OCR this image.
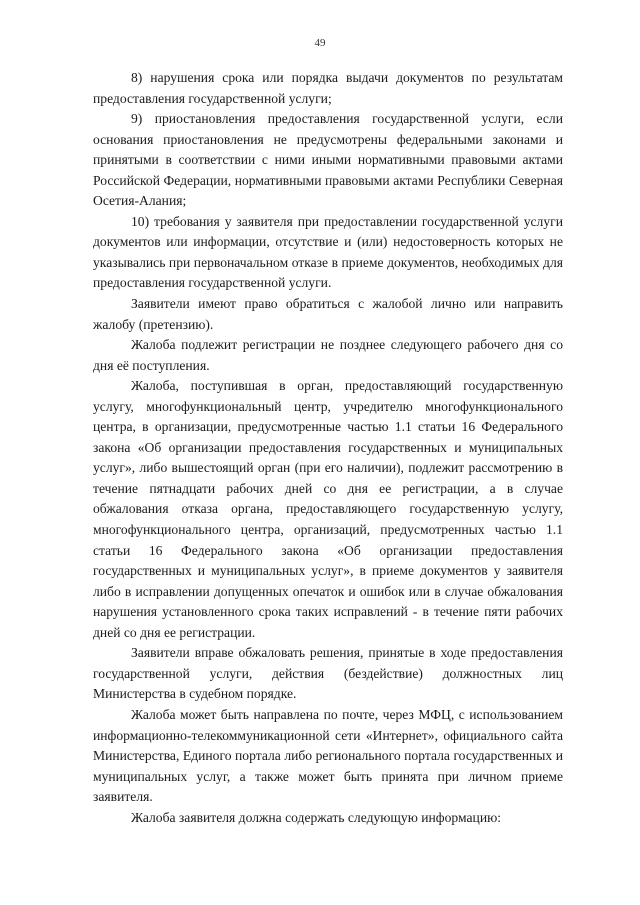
49

8) нарушения срока или порядка выдачи документов по результатам предоставления государственной услуги;

9) приостановления предоставления государственной услуги, если основания приостановления не предусмотрены федеральными законами и принятыми в соответствии с ними иными нормативными правовыми актами Российской Федерации, нормативными правовыми актами Республики Северная Осетия-Алания;

10) требования у заявителя при предоставлении государственной услуги документов или информации, отсутствие и (или) недостоверность которых не указывались при первоначальном отказе в приеме документов, необходимых для предоставления государственной услуги.

Заявители имеют право обратиться с жалобой лично или направить жалобу (претензию).

Жалоба подлежит регистрации не позднее следующего рабочего дня со дня её поступления.

Жалоба, поступившая в орган, предоставляющий государственную услугу, многофункциональный центр, учредителю многофункционального центра, в организации, предусмотренные частью 1.1 статьи 16 Федерального закона «Об организации предоставления государственных и муниципальных услуг», либо вышестоящий орган (при его наличии), подлежит рассмотрению в течение пятнадцати рабочих дней со дня ее регистрации, а в случае обжалования отказа органа, предоставляющего государственную услугу, многофункционального центра, организаций, предусмотренных частью 1.1 статьи 16 Федерального закона «Об организации предоставления государственных и муниципальных услуг», в приеме документов у заявителя либо в исправлении допущенных опечаток и ошибок или в случае обжалования нарушения установленного срока таких исправлений - в течение пяти рабочих дней со дня ее регистрации.

Заявители вправе обжаловать решения, принятые в ходе предоставления государственной услуги, действия (бездействие) должностных лиц Министерства в судебном порядке.

Жалоба может быть направлена по почте, через МФЦ, с использованием информационно-телекоммуникационной сети «Интернет», официального сайта Министерства, Единого портала либо регионального портала государственных и муниципальных услуг, а также может быть принята при личном приеме заявителя.

Жалоба заявителя должна содержать следующую информацию:
